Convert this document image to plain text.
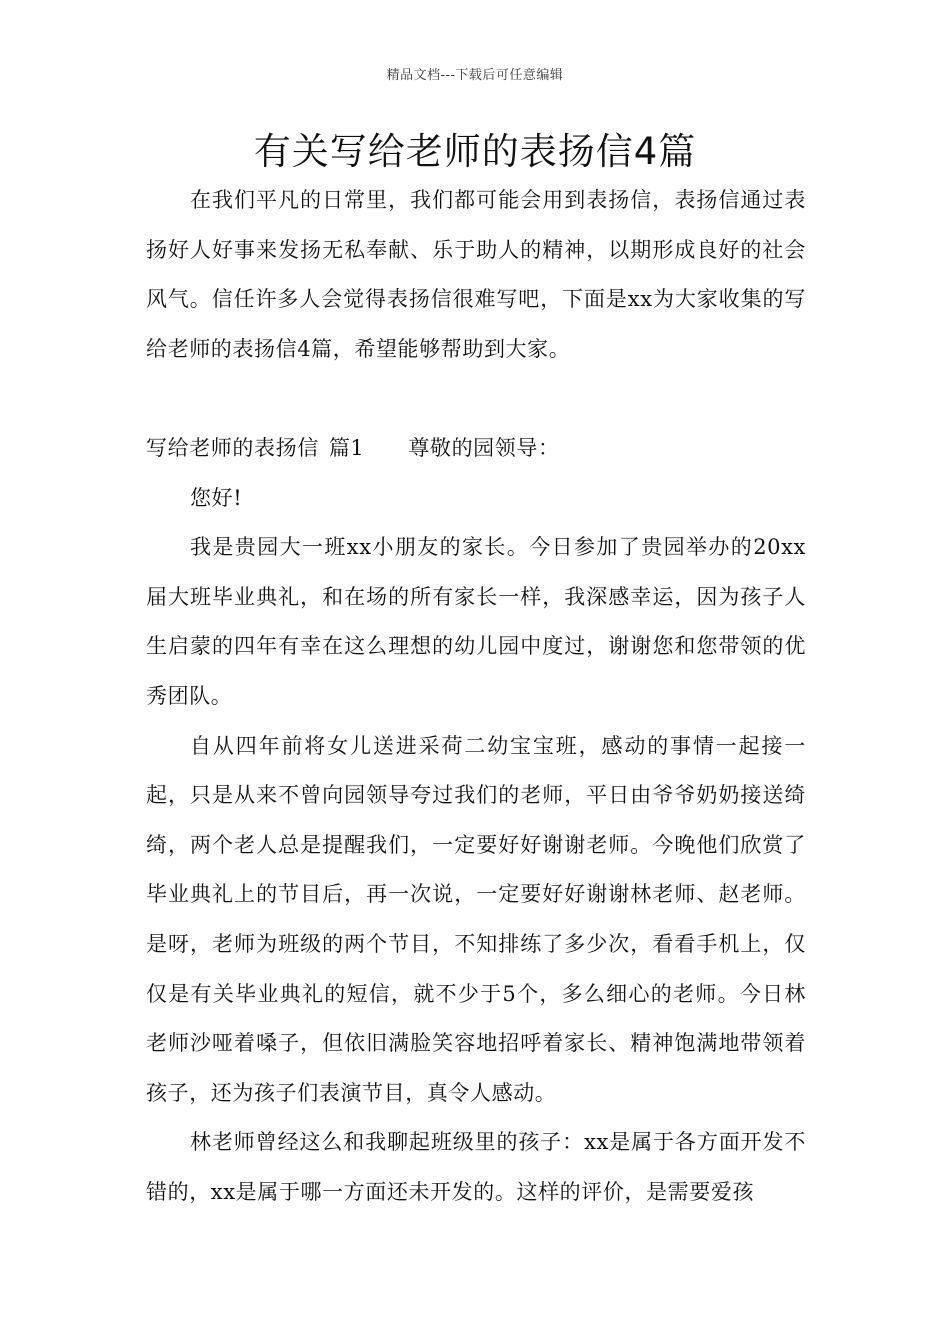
精品文档---下载后可任意编辑
有关写给老师的表扬信4篇

在我们平凡的日常里，我们都可能会用到表扬信，表扬信通过表扬好人好事来发扬无私奉献、乐于助人的精神，以期形成良好的社会风气。信任许多人会觉得表扬信很难写吧，下面是xx为大家收集的写给老师的表扬信4篇，希望能够帮助到大家。

写给老师的表扬信 篇1 尊敬的园领导：

您好!

我是贵园大一班xx小朋友的家长。今日参加了贵园举办的20xx届大班毕业典礼，和在场的所有家长一样，我深感幸运，因为孩子人生启蒙的四年有幸在这么理想的幼儿园中度过，谢谢您和您带领的优秀团队。

自从四年前将女儿送进采荷二幼宝宝班，感动的事情一起接一起，只是从来不曾向园领导夸过我们的老师，平日由爷爷奶奶接送绮绮，两个老人总是提醒我们，一定要好好谢谢老师。今晚他们欣赏了毕业典礼上的节目后，再一次说，一定要好好谢谢林老师、赵老师。是呀，老师为班级的两个节目，不知排练了多少次，看看手机上，仅仅是有关毕业典礼的短信，就不少于5个，多么细心的老师。今日林老师沙哑着嗓子，但依旧满脸笑容地招呼着家长、精神饱满地带领着孩子，还为孩子们表演节目，真令人感动。

林老师曾经这么和我聊起班级里的孩子：xx是属于各方面开发不错的，xx是属于哪一方面还未开发的。这样的评价，是需要爱孩
